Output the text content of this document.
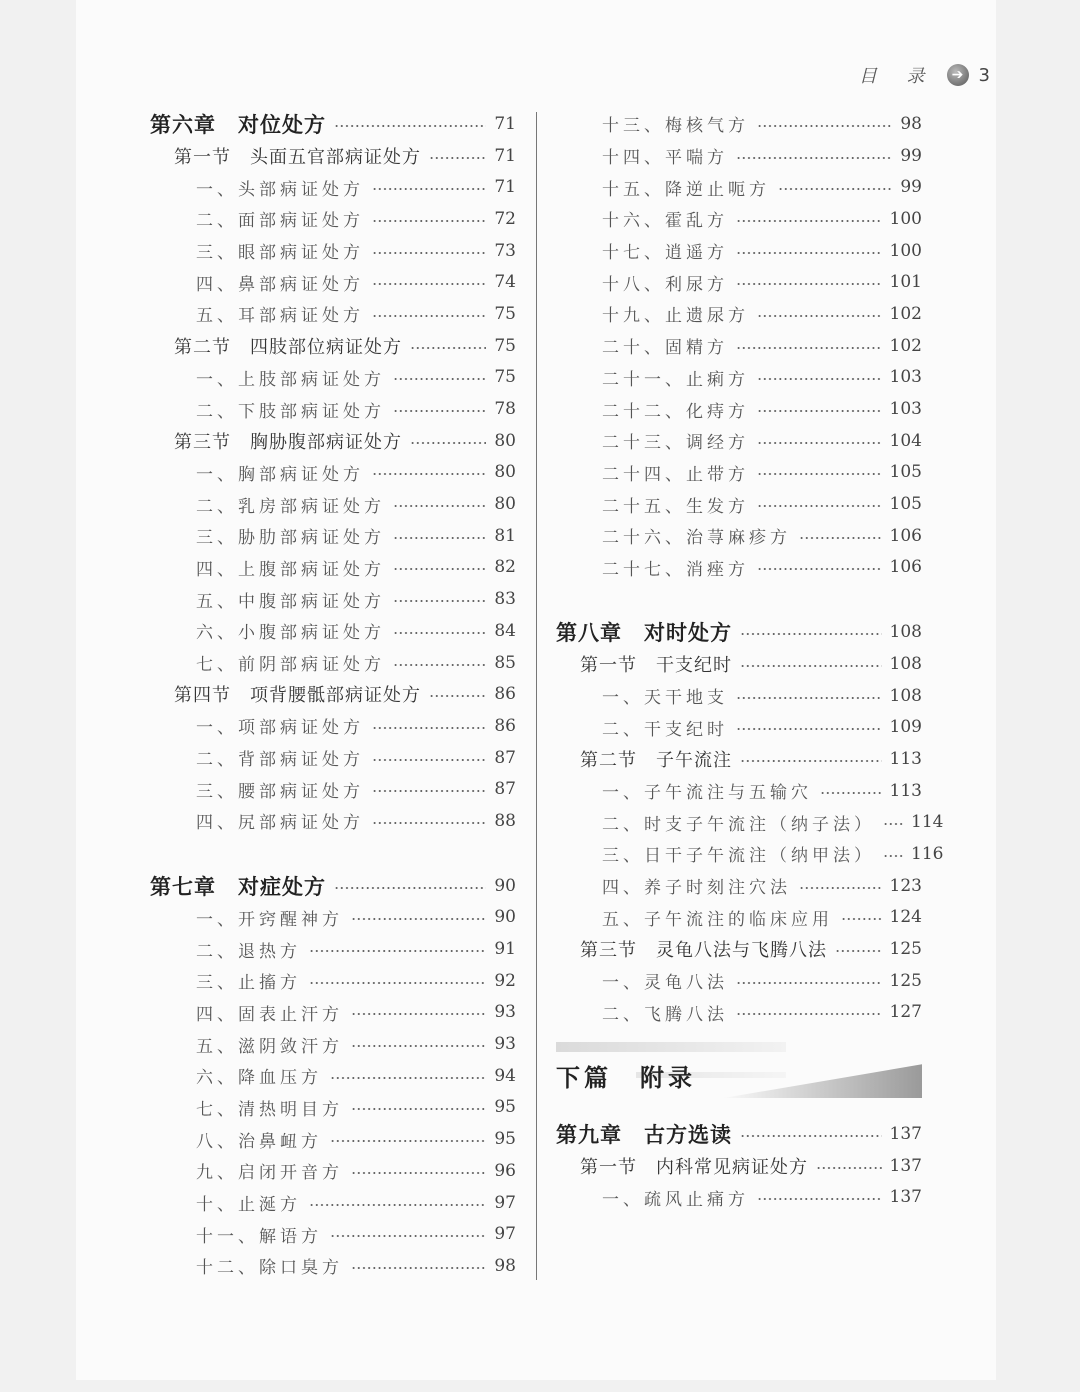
目 录	➔ 3
第六章　对位处方	71
第一节　头面五官部病证处方	71
一、头部病证处方	71
二、面部病证处方	72
三、眼部病证处方	73
四、鼻部病证处方	74
五、耳部病证处方	75
第二节　四肢部位病证处方	75
一、上肢部病证处方	75
二、下肢部病证处方	78
第三节　胸胁腹部病证处方	80
一、胸部病证处方	80
二、乳房部病证处方	80
三、胁肋部病证处方	81
四、上腹部病证处方	82
五、中腹部病证处方	83
六、小腹部病证处方	84
七、前阴部病证处方	85
第四节　项背腰骶部病证处方	86
一、项部病证处方	86
二、背部病证处方	87
三、腰部病证处方	87
四、尻部病证处方	88
第七章　对症处方	90
一、开窍醒神方	90
二、退热方	91
三、止搐方	92
四、固表止汗方	93
五、滋阴敛汗方	93
六、降血压方	94
七、清热明目方	95
八、治鼻衄方	95
九、启闭开音方	96
十、止涎方	97
十一、解语方	97
十二、除口臭方	98
十三、梅核气方	98
十四、平喘方	99
十五、降逆止呃方	99
十六、霍乱方	100
十七、逍遥方	100
十八、利尿方	101
十九、止遗尿方	102
二十、固精方	102
二十一、止痢方	103
二十二、化痔方	103
二十三、调经方	104
二十四、止带方	105
二十五、生发方	105
二十六、治荨麻疹方	106
二十七、消痤方	106
第八章　对时处方	108
第一节　干支纪时	108
一、天干地支	108
二、干支纪时	109
第二节　子午流注	113
一、子午流注与五输穴	113
二、时支子午流注（纳子法） 114
三、日干子午流注（纳甲法） 116
四、养子时刻注穴法	123
五、子午流注的临床应用	124
第三节　灵龟八法与飞腾八法	125
一、灵龟八法	125
二、飞腾八法	127
下篇　附录
第九章　古方选读	137
第一节　内科常见病证处方	137
一、疏风止痛方	137
